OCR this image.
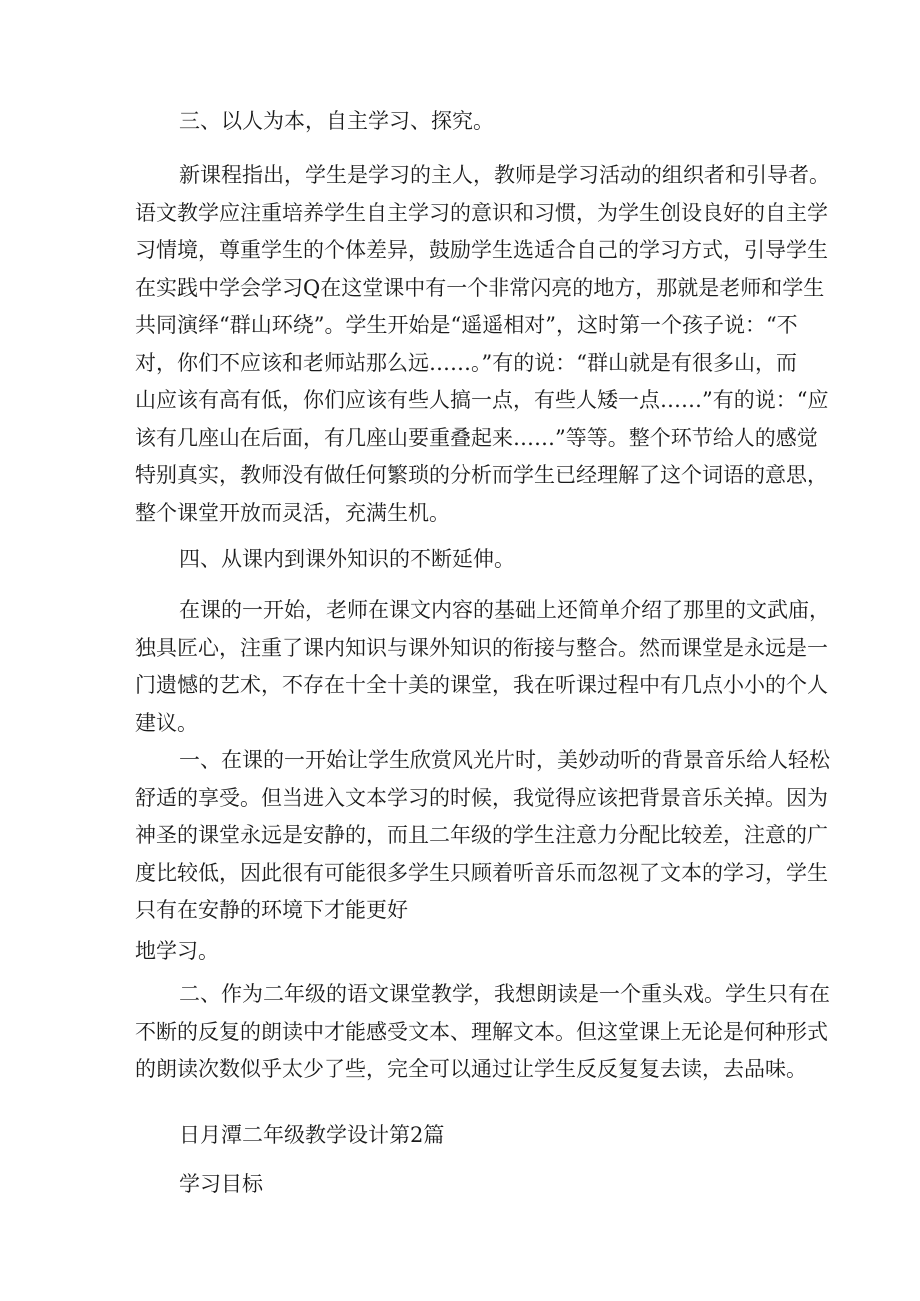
三、以人为本，自主学习、探究。

新课程指出，学生是学习的主人，教师是学习活动的组织者和引导者。
语文教学应注重培养学生自主学习的意识和习惯，为学生创设良好的自主学
习情境，尊重学生的个体差异，鼓励学生选适合自己的学习方式，引导学生
在实践中学会学习Q在这堂课中有一个非常闪亮的地方，那就是老师和学生
共同演绎“群山环绕”。学生开始是“遥遥相对”，这时第一个孩子说：“不
对，你们不应该和老师站那么远……。”有的说：“群山就是有很多山，而
山应该有高有低，你们应该有些人搞一点，有些人矮一点……”有的说：“应
该有几座山在后面，有几座山要重叠起来……”等等。整个环节给人的感觉
特别真实，教师没有做任何繁琐的分析而学生已经理解了这个词语的意思，
整个课堂开放而灵活，充满生机。

四、从课内到课外知识的不断延伸。

在课的一开始，老师在课文内容的基础上还简单介绍了那里的文武庙，
独具匠心，注重了课内知识与课外知识的衔接与整合。然而课堂是永远是一
门遗憾的艺术，不存在十全十美的课堂，我在听课过程中有几点小小的个人
建议。
一、在课的一开始让学生欣赏风光片时，美妙动听的背景音乐给人轻松
舒适的享受。但当进入文本学习的时候，我觉得应该把背景音乐关掉。因为
神圣的课堂永远是安静的，而且二年级的学生注意力分配比较差，注意的广
度比较低，因此很有可能很多学生只顾着听音乐而忽视了文本的学习，学生
只有在安静的环境下才能更好

地学习。

二、作为二年级的语文课堂教学，我想朗读是一个重头戏。学生只有在
不断的反复的朗读中才能感受文本、理解文本。但这堂课上无论是何种形式
的朗读次数似乎太少了些，完全可以通过让学生反反复复去读，去品味。

日月潭二年级教学设计第2篇

学习目标
